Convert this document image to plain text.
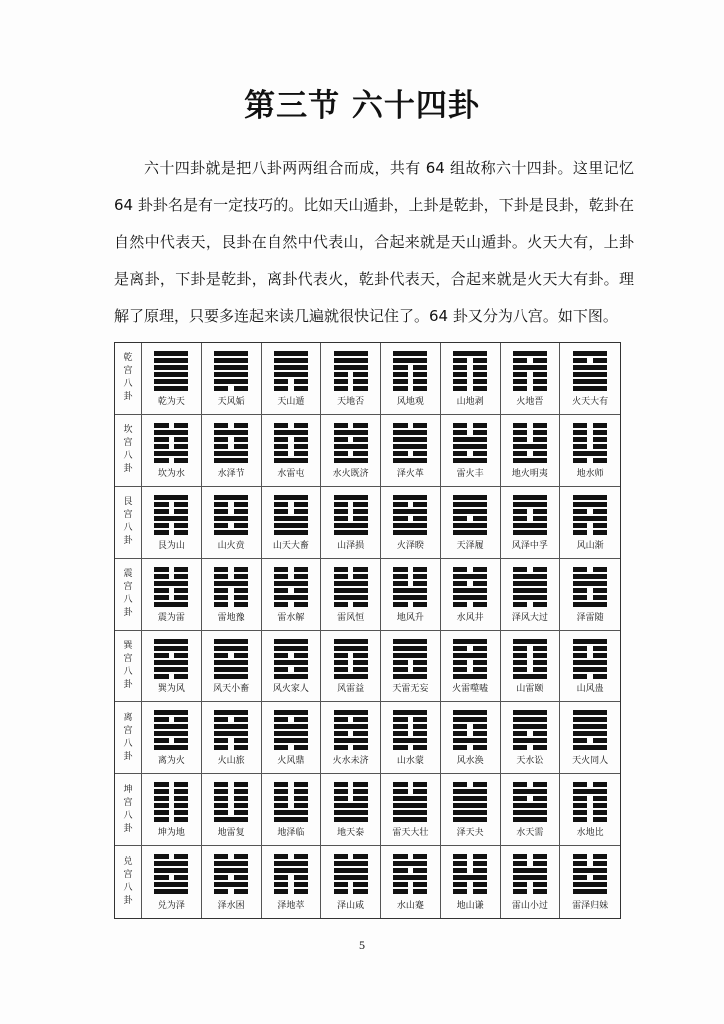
第三节 六十四卦

六十四卦就是把八卦两两组合而成，共有 64 组故称六十四卦。这里记忆 64 卦卦名是有一定技巧的。比如天山遁卦，上卦是乾卦，下卦是艮卦，乾卦在自然中代表天，艮卦在自然中代表山，合起来就是天山遁卦。火天大有，上卦是离卦，下卦是乾卦，离卦代表火，乾卦代表天，合起来就是火天大有卦。理解了原理，只要多连起来读几遍就很快记住了。64 卦又分为八宫。如下图。

乾
宫
八
卦	乾为天	天风姤	天山遁	天地否	风地观	山地剥	火地晋	火天大有
坎
宫
八
卦	坎为水	水泽节	水雷屯	水火既济	泽火革	雷火丰	地火明夷	地水师
艮
宫
八
卦	艮为山	山火贲	山天大畜	山泽损	火泽睽	天泽履	风泽中孚	风山渐
震
宫
八
卦	震为雷	雷地豫	雷水解	雷风恒	地风升	水风井	泽风大过	泽雷随
巽
宫
八
卦	巽为风	风天小畜	风火家人	风雷益	天雷无妄	火雷噬嗑	山雷颐	山风蛊
离
宫
八
卦	离为火	火山旅	火风鼎	火水未济	山水蒙	风水涣	天水讼	天火同人
坤
宫
八
卦	坤为地	地雷复	地泽临	地天泰	雷天大壮	泽天夬	水天需	水地比
兑
宫
八
卦	兑为泽	泽水困	泽地萃	泽山咸	水山蹇	地山谦	雷山小过	雷泽归妹
5
